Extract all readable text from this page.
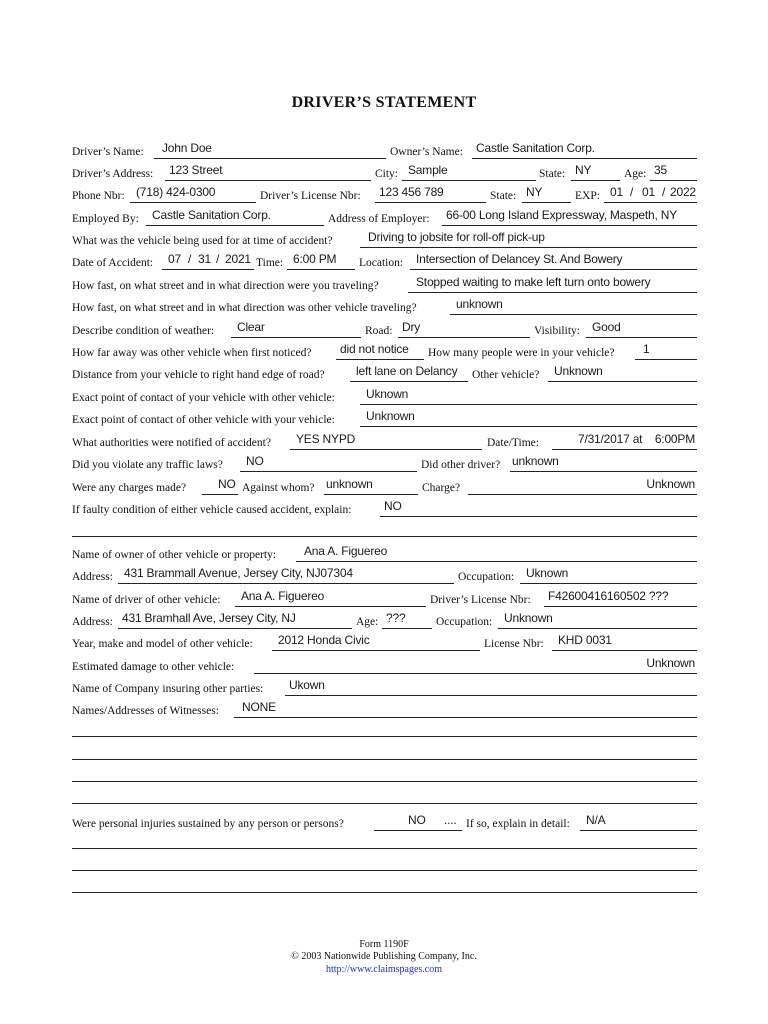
DRIVER’S STATEMENT
Driver’s Name: John Doe	Owner’s Name: Castle Sanitation Corp.
Driver’s Address: 123 Street	City: Sample	State: NY	Age: 35
Phone Nbr: (718) 424-0300	Driver’s License Nbr: 123 456 789	State: NY	EXP: 01 / 01 / 2022
Employed By: Castle Sanitation Corp.	Address of Employer: 66-00 Long Island Expressway, Maspeth, NY
What was the vehicle being used for at time of accident?	Driving to jobsite for roll-off pick-up
Date of Accident: 07 / 31 / 2021 Time: 6:00 PM Location: Intersection of Delancey St. And Bowery
How fast, on what street and in what direction were you traveling?	Stopped waiting to make left turn onto bowery
How fast, on what street and in what direction was other vehicle traveling?	unknown
Describe condition of weather: Clear	Road: Dry	Visibility: Good
How far away was other vehicle when first noticed? did not notice How many people were in your vehicle? 1
Distance from your vehicle to right hand edge of road?	left lane on Delancy Other vehicle? Unknown
Exact point of contact of your vehicle with other vehicle:	Uknown
Exact point of contact of other vehicle with your vehicle:	Unknown
What authorities were notified of accident? YES NYPD	Date/Time:	7/31/2017 at    6:00PM
Did you violate any traffic laws? NO	Did other driver? unknown
Were any charges made?	NO Against whom? unknown	Charge?	Unknown
If faulty condition of either vehicle caused accident, explain:	NO
Name of owner of other vehicle or property: Ana A. Figuereo
Address: 431 Brammall Avenue, Jersey City, NJ07304	Occupation: Uknown
Name of driver of other vehicle: Ana A. Figuereo	Driver’s License Nbr: F42600416160502 ???
Address: 431 Bramhall Ave, Jersey City, NJ	Age: ???	Occupation: Unknown
Year, make and model of other vehicle: 2012 Honda Civic	License Nbr: KHD 0031
Estimated damage to other vehicle:	Unknown
Name of Company insuring other parties: Ukown
Names/Addresses of Witnesses: NONE
Were personal injuries sustained by any person or persons?	NO .... If so, explain in detail: N/A
Form 1190F
© 2003 Nationwide Publishing Company, Inc.
http://www.claimspages.com
